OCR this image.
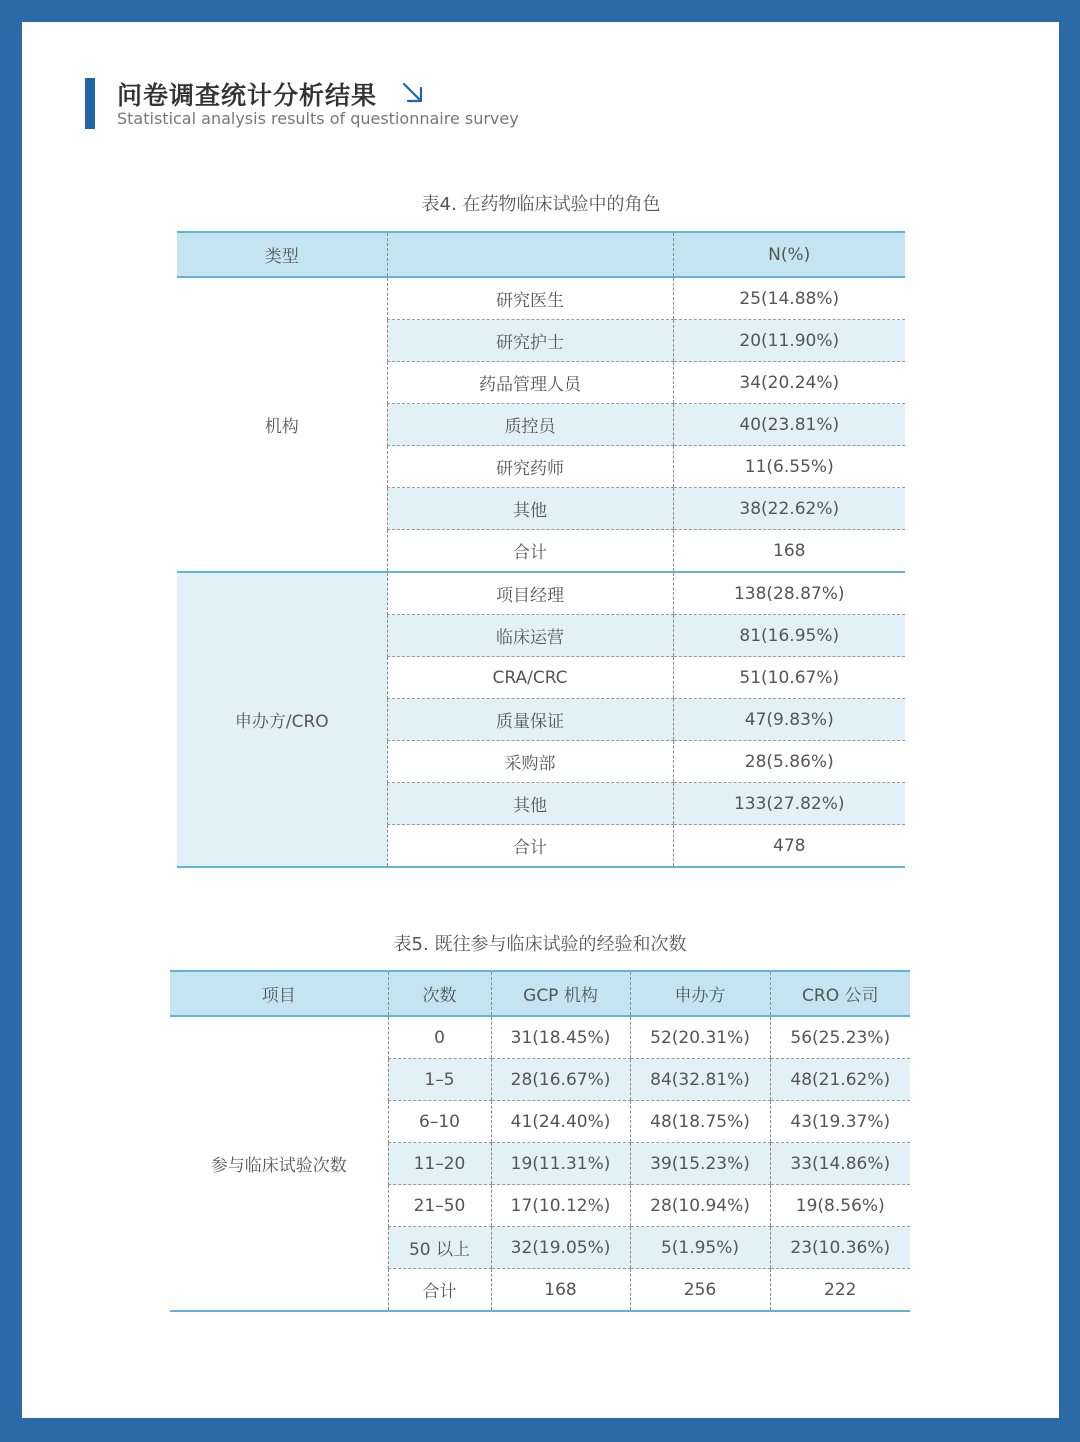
问卷调查统计分析结果
Statistical analysis results of questionnaire survey
表4. 在药物临床试验中的角色
类型		N(%)
机构	研究医生	25(14.88%)
	研究护士	20(11.90%)
	药品管理人员	34(20.24%)
	质控员	40(23.81%)
	研究药师	11(6.55%)
	其他	38(22.62%)
	合计	168
申办方/CRO	项目经理	138(28.87%)
	临床运营	81(16.95%)
	CRA/CRC	51(10.67%)
	质量保证	47(9.83%)
	采购部	28(5.86%)
	其他	133(27.82%)
	合计	478
表5. 既往参与临床试验的经验和次数
项目	次数	GCP 机构	申办方	CRO 公司
参与临床试验次数	0	31(18.45%)	52(20.31%)	56(25.23%)
	1–5	28(16.67%)	84(32.81%)	48(21.62%)
	6–10	41(24.40%)	48(18.75%)	43(19.37%)
	11–20	19(11.31%)	39(15.23%)	33(14.86%)
	21–50	17(10.12%)	28(10.94%)	19(8.56%)
	50 以上	32(19.05%)	5(1.95%)	23(10.36%)
	合计	168	256	222
